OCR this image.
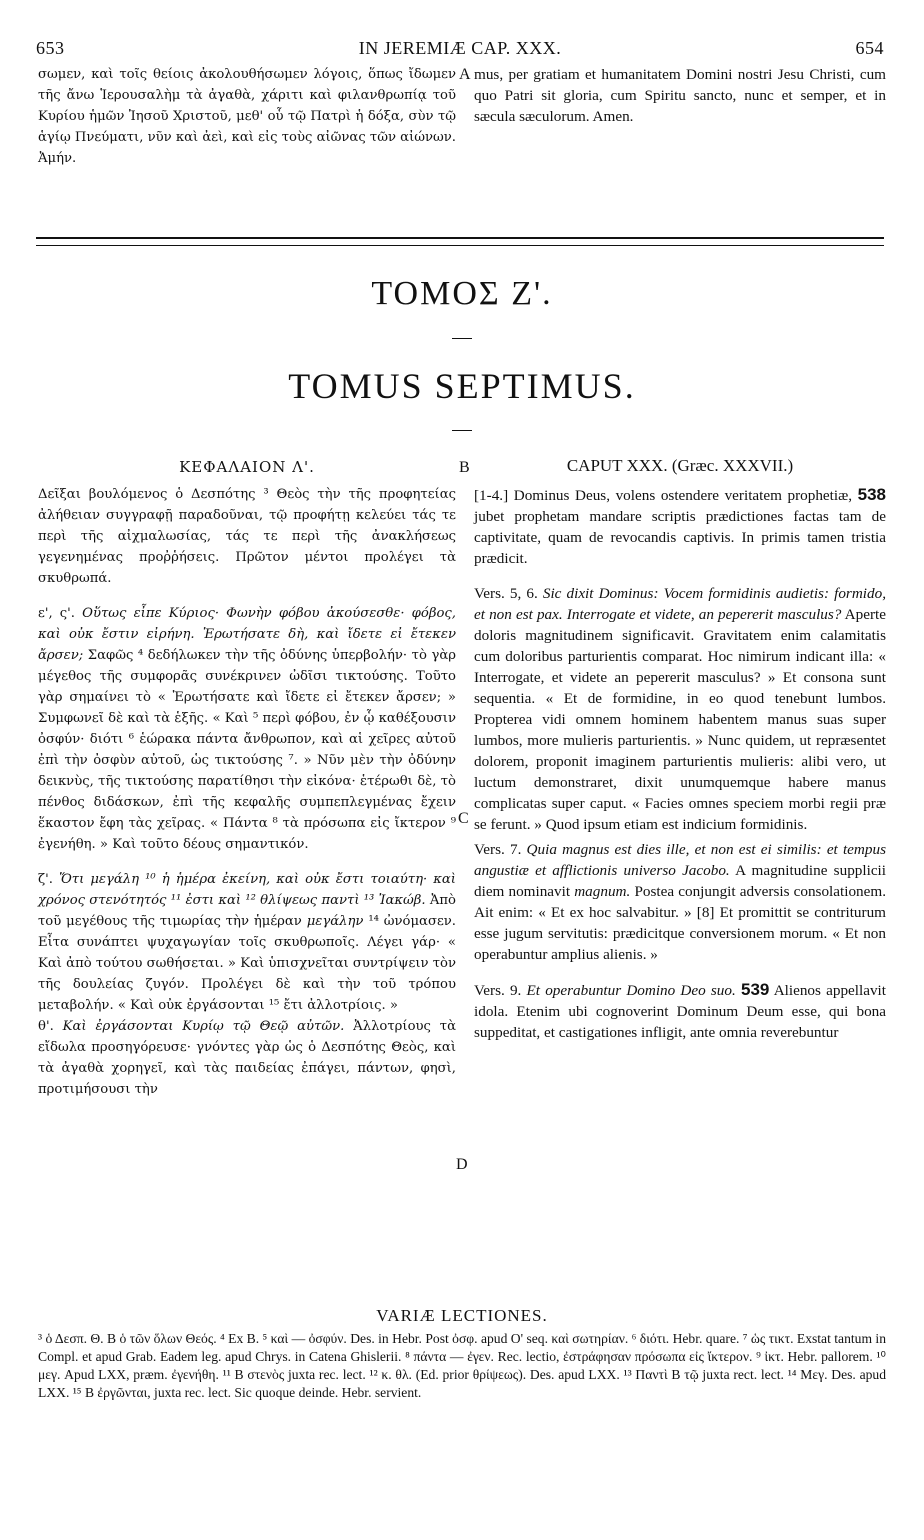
653	IN JEREMIÆ CAP. XXX.	654

σωμεν, καὶ τοῖς θείοις ἀκολουθήσωμεν λόγοις, ὅπως ἴδωμεν τῆς ἄνω Ἱερουσαλὴμ τὰ ἀγαθὰ, χάριτι καὶ φιλανθρωπίᾳ τοῦ Κυρίου ἡμῶν Ἰησοῦ Χριστοῦ, μεθ' οὗ τῷ Πατρὶ ἡ δόξα, σὺν τῷ ἁγίῳ Πνεύματι, νῦν καὶ ἀεὶ, καὶ εἰς τοὺς αἰῶνας τῶν αἰώνων. Ἀμήν.

mus, per gratiam et humanitatem Domini nostri Jesu Christi, cum quo Patri sit gloria, cum Spiritu sancto, nunc et semper, et in sæcula sæculorum. Amen.

A
ΤΟΜΟΣ Ζ'.
TOMUS SEPTIMUS.
ΚΕΦΑΛΑΙΟΝ Λ'.	B	CAPUT XXX. (Græc. XXXVII.)

Δεῖξαι βουλόμενος ὁ Δεσπότης ³ Θεὸς τὴν τῆς προφητείας ἀλήθειαν συγγραφῇ παραδοῦναι, τῷ προφήτῃ κελεύει τάς τε περὶ τῆς αἰχμαλωσίας, τάς τε περὶ τῆς ἀνακλήσεως γεγενημένας προῤῥήσεις. Πρῶτον μέντοι προλέγει τὰ σκυθρωπά.

ε', ς'. Οὕτως εἶπε Κύριος· Φωνὴν φόβου ἀκούσεσθε· φόβος, καὶ οὐκ ἔστιν εἰρήνη. Ἐρωτήσατε δὴ, καὶ ἴδετε εἰ ἔτεκεν ἄρσεν; Σαφῶς ⁴ δεδήλωκεν τὴν τῆς ὀδύνης ὑπερβολήν· τὸ γὰρ μέγεθος τῆς συμφορᾶς συνέκρινεν ὠδῖσι τικτούσης. Τοῦτο γὰρ σημαίνει τὸ « Ἐρωτήσατε καὶ ἴδετε εἰ ἔτεκεν ἄρσεν; » Συμφωνεῖ δὲ καὶ τὰ ἑξῆς. « Καὶ ⁵ περὶ φόβου, ἐν ᾧ καθέξουσιν ὀσφύν· διότι ⁶ ἑώρακα πάντα ἄνθρωπον, καὶ αἱ χεῖρες αὐτοῦ ἐπὶ τὴν ὀσφὺν αὐτοῦ, ὡς τικτούσης ⁷. » Νῦν μὲν τὴν ὀδύνην δεικνὺς, τῆς τικτούσης παρατίθησι τὴν εἰκόνα· ἑτέρωθι δὲ, τὸ πένθος διδάσκων, ἐπὶ τῆς κεφαλῆς συμπεπλεγμένας ἔχειν ἕκαστον ἔφη τὰς χεῖρας. « Πάντα ⁸ τὰ πρόσωπα εἰς ἴκτερον ⁹ ἐγενήθη. » Καὶ τοῦτο δέους σημαντικόν.

ζ'. Ὅτι μεγάλη ¹⁰ ἡ ἡμέρα ἐκείνη, καὶ οὐκ ἔστι τοιαύτη· καὶ χρόνος στενότητός ¹¹ ἐστι καὶ ¹² θλίψεως παντὶ ¹³ Ἰακώβ. Ἀπὸ τοῦ μεγέθους τῆς τιμωρίας τὴν ἡμέραν μεγάλην ¹⁴ ὠνόμασεν. Εἶτα συνάπτει ψυχαγωγίαν τοῖς σκυθρωποῖς. Λέγει γάρ· « Καὶ ἀπὸ τούτου σωθήσεται. » Καὶ ὑπισχνεῖται συντρίψειν τὸν τῆς δουλείας ζυγόν. Προλέγει δὲ καὶ τὴν τοῦ τρόπου μεταβολήν. « Καὶ οὐκ ἐργάσονται ¹⁵ ἔτι ἀλλοτρίοις. »

θ'. Καὶ ἐργάσονται Κυρίῳ τῷ Θεῷ αὐτῶν. Ἀλλοτρίους τὰ εἴδωλα προσηγόρευσε· γνόντες γὰρ ὡς ὁ Δεσπότης Θεὸς, καὶ τὰ ἀγαθὰ χορηγεῖ, καὶ τὰς παιδείας ἐπάγει, πάντων, φησὶ, προτιμήσουσι τὴν

C
D

[1-4.] Dominus Deus, volens ostendere veritatem prophetiæ, 538 jubet prophetam mandare scriptis prædictiones factas tam de captivitate, quam de revocandis captivis. In primis tamen tristia prædicit.

Vers. 5, 6. Sic dixit Dominus: Vocem formidinis audietis: formido, et non est pax. Interrogate et videte, an pepererit masculus? Aperte doloris magnitudinem significavit. Gravitatem enim calamitatis cum doloribus parturientis comparat. Hoc nimirum indicant illa: « Interrogate, et videte an pepererit masculus? » Et consona sunt sequentia. « Et de formidine, in eo quod tenebunt lumbos. Propterea vidi omnem hominem habentem manus suas super lumbos, more mulieris parturientis. » Nunc quidem, ut repræsentet dolorem, proponit imaginem parturientis mulieris: alibi vero, ut luctum demonstraret, dixit unumquemque habere manus complicatas super caput. « Facies omnes speciem morbi regii præ se ferunt. » Quod ipsum etiam est indicium formidinis.

Vers. 7. Quia magnus est dies ille, et non est ei similis: et tempus angustiæ et afflictionis universo Jacobo. A magnitudine supplicii diem nominavit magnum. Postea conjungit adversis consolationem. Ait enim: « Et ex hoc salvabitur. » [8] Et promittit se contriturum esse jugum servitutis: prædicitque conversionem morum. « Et non operabuntur amplius alienis. »

Vers. 9. Et operabuntur Domino Deo suo. 539 Alienos appellavit idola. Etenim ubi cognoverint Dominum Deum esse, qui bona suppeditat, et castigationes infligit, ante omnia reverebuntur

VARIÆ LECTIONES.
³ ὁ Δεσπ. Θ. B ὁ τῶν ὅλων Θεός. ⁴ Ex B. ⁵ καὶ — ὀσφύν. Des. in Hebr. Post ὀσφ. apud O' seq. καὶ σωτηρίαν. ⁶ διότι. Hebr. quare. ⁷ ὡς τικτ. Exstat tantum in Compl. et apud Grab. Eadem leg. apud Chrys. in Catena Ghislerii. ⁸ πάντα — ἐγεν. Rec. lectio, ἐστράφησαν πρόσωπα εἰς ἴκτερον. ⁹ ἰκτ. Hebr. pallorem. ¹⁰ μεγ. Apud LXX, præm. ἐγενήθη. ¹¹ B στενὸς juxta rec. lect. ¹² κ. θλ. (Ed. prior θρίψεως). Des. apud LXX. ¹³ Παντὶ B τῷ juxta rect. lect. ¹⁴ Μεγ. Des. apud LXX. ¹⁵ B ἐργῶνται, juxta rec. lect. Sic quoque deinde. Hebr. servient.
